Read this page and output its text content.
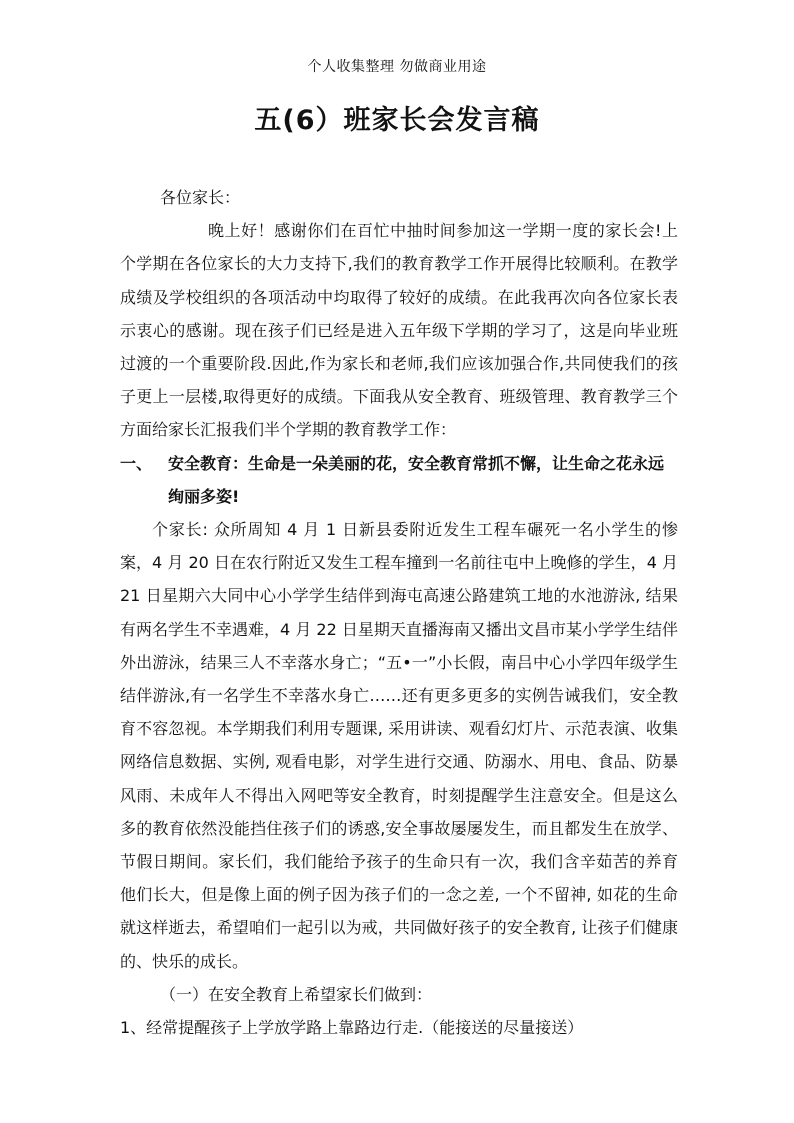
个人收集整理 勿做商业用途
五(6）班家长会发言稿

各位家长：

晚上好！感谢你们在百忙中抽时间参加这一学期一度的家长会!上个学期在各位家长的大力支持下,我们的教育教学工作开展得比较顺利。在教学成绩及学校组织的各项活动中均取得了较好的成绩。在此我再次向各位家长表示衷心的感谢。现在孩子们已经是进入五年级下学期的学习了，这是向毕业班过渡的一个重要阶段.因此,作为家长和老师,我们应该加强合作,共同使我们的孩子更上一层楼,取得更好的成绩。下面我从安全教育、班级管理、教育教学三个方面给家长汇报我们半个学期的教育教学工作：

一、 安全教育：生命是一朵美丽的花，安全教育常抓不懈，让生命之花永远绚丽多姿!

个家长: 众所周知 4 月 1 日新县委附近发生工程车碾死一名小学生的惨案，4 月 20 日在农行附近又发生工程车撞到一名前往屯中上晚修的学生，4 月 21 日星期六大同中心小学学生结伴到海屯高速公路建筑工地的水池游泳, 结果有两名学生不幸遇难，4 月 22 日星期天直播海南又播出文昌市某小学学生结伴外出游泳，结果三人不幸落水身亡；“五•一”小长假，南吕中心小学四年级学生结伴游泳,有一名学生不幸落水身亡……还有更多更多的实例告诫我们，安全教育不容忽视。本学期我们利用专题课, 采用讲读、观看幻灯片、示范表演、收集网络信息数据、实例, 观看电影，对学生进行交通、防溺水、用电、食品、防暴风雨、未成年人不得出入网吧等安全教育，时刻提醒学生注意安全。但是这么多的教育依然没能挡住孩子们的诱惑,安全事故屡屡发生，而且都发生在放学、节假日期间。家长们，我们能给予孩子的生命只有一次，我们含辛茹苦的养育他们长大，但是像上面的例子因为孩子们的一念之差, 一个不留神, 如花的生命就这样逝去，希望咱们一起引以为戒，共同做好孩子的安全教育, 让孩子们健康的、快乐的成长。

（一）在安全教育上希望家长们做到：

1、经常提醒孩子上学放学路上靠路边行走.（能接送的尽量接送）
